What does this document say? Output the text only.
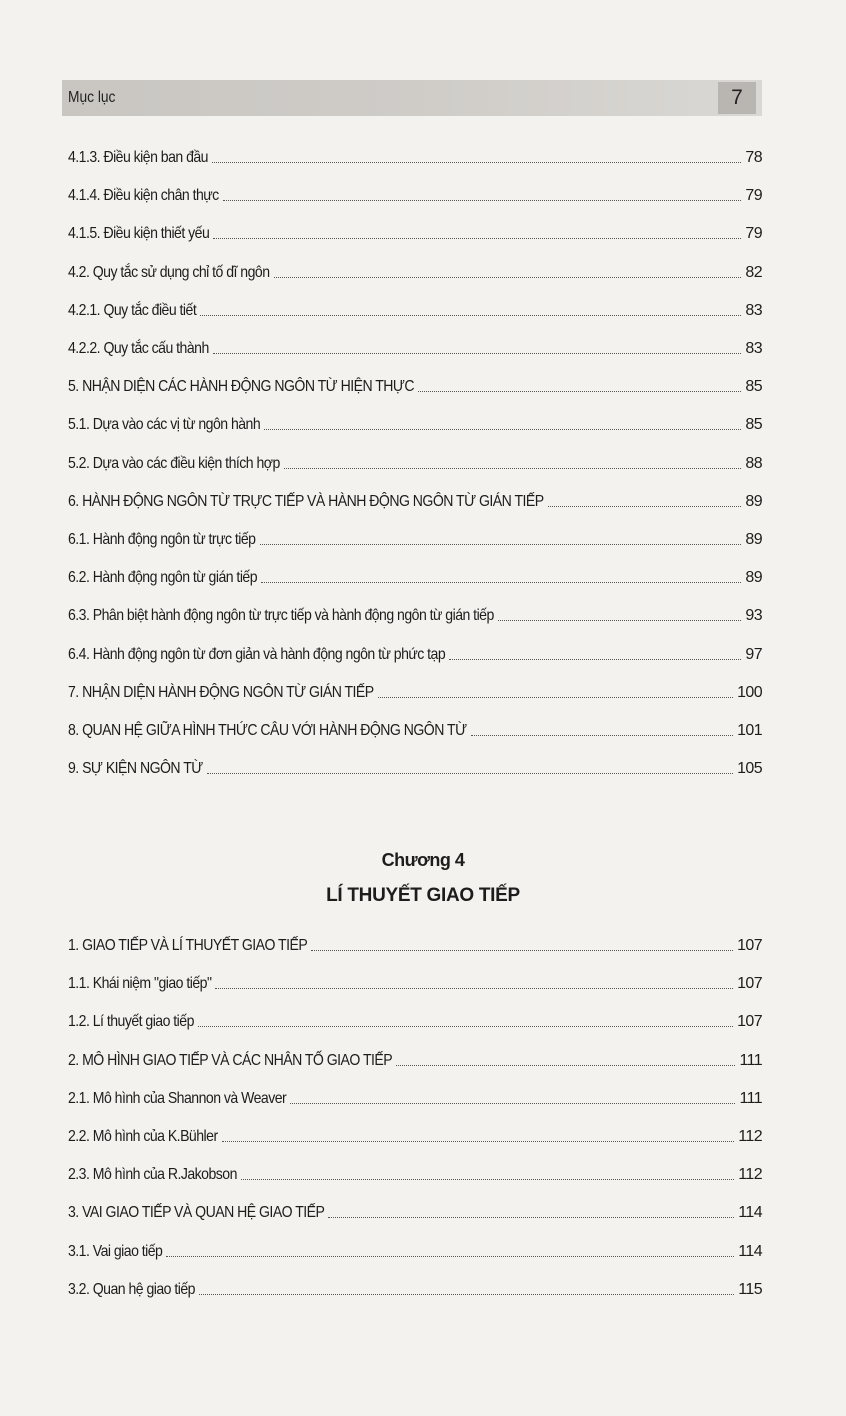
Mục lục	7
4.1.3. Điều kiện ban đầu	78
4.1.4. Điều kiện chân thực	79
4.1.5. Điều kiện thiết yếu	79
4.2. Quy tắc sử dụng chỉ tố dĩ ngôn	82
4.2.1. Quy tắc điều tiết	83
4.2.2. Quy tắc cấu thành	83
5. NHẬN DIỆN CÁC HÀNH ĐỘNG NGÔN TỪ HIỆN THỰC	85
5.1. Dựa vào các vị từ ngôn hành	85
5.2. Dựa vào các điều kiện thích hợp	88
6. HÀNH ĐỘNG NGÔN TỪ TRỰC TIẾP VÀ HÀNH ĐỘNG NGÔN TỪ GIÁN TIẾP	89
6.1. Hành động ngôn từ trực tiếp	89
6.2. Hành động ngôn từ gián tiếp	89
6.3. Phân biệt hành động ngôn từ trực tiếp và hành động ngôn từ gián tiếp	93
6.4. Hành động ngôn từ đơn giản và hành động ngôn từ phức tạp	97
7. NHẬN DIỆN HÀNH ĐỘNG NGÔN TỪ GIÁN TIẾP	100
8. QUAN HỆ GIỮA HÌNH THỨC CÂU VỚI HÀNH ĐỘNG NGÔN TỪ	101
9. SỰ KIỆN NGÔN TỪ	105
Chương 4
LÍ THUYẾT GIAO TIẾP
1. GIAO TIẾP VÀ LÍ THUYẾT GIAO TIẾP	107
1.1. Khái niệm "giao tiếp"	107
1.2. Lí thuyết giao tiếp	107
2. MÔ HÌNH GIAO TIẾP VÀ CÁC NHÂN TỐ GIAO TIẾP	111
2.1. Mô hình của Shannon và Weaver	111
2.2. Mô hình của K.Bühler	112
2.3. Mô hình của R.Jakobson	112
3. VAI GIAO TIẾP VÀ QUAN HỆ GIAO TIẾP	114
3.1. Vai giao tiếp	114
3.2. Quan hệ giao tiếp	115
